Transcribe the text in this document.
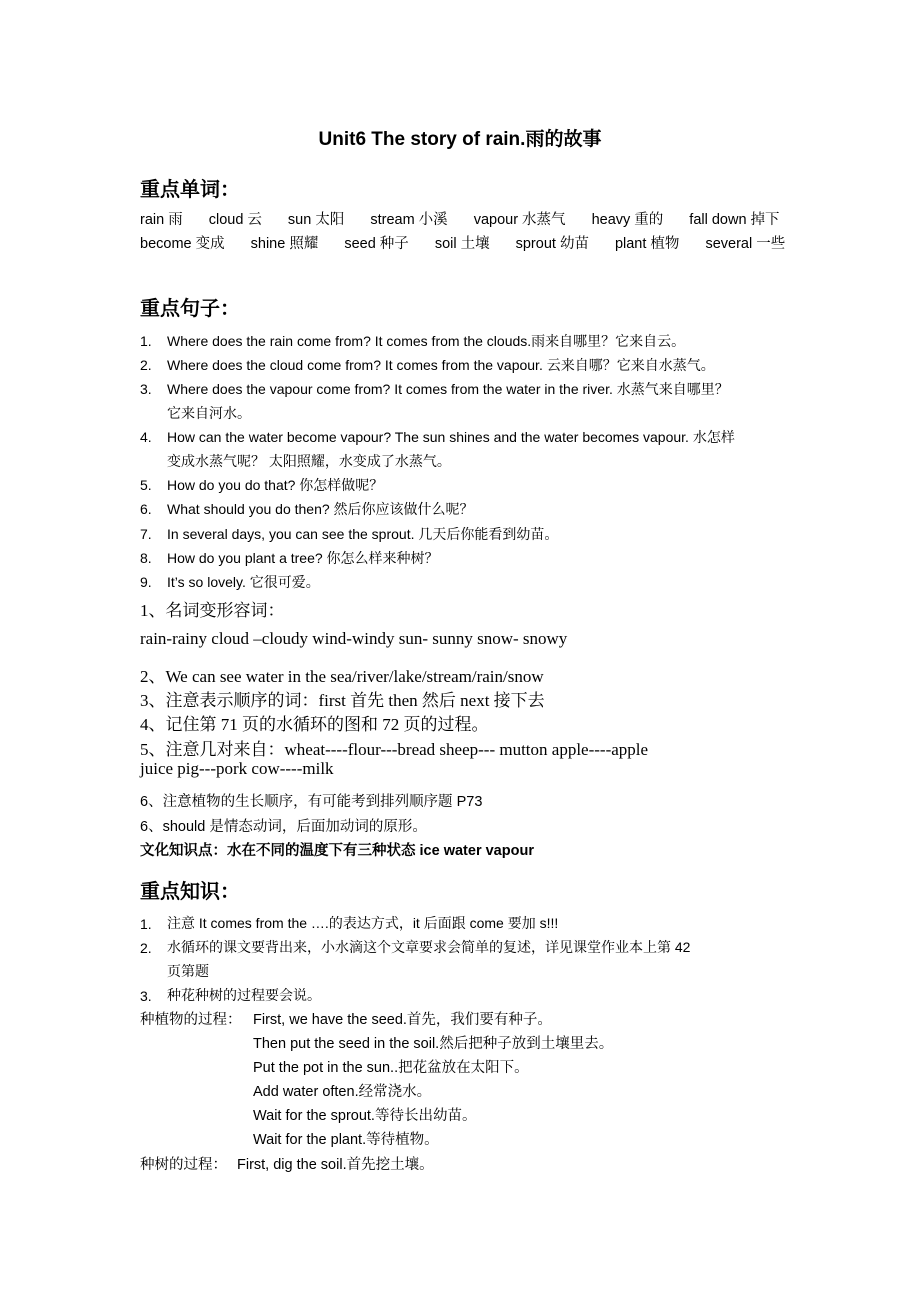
Unit6 The story of rain.雨的故事
重点单词：
rain 雨 cloud 云 sun 太阳 stream 小溪 vapour 水蒸气 heavy 重的 fall down 掉下become 变成 shine 照耀 seed 种子 soil 土壤 sprout 幼苗 plant 植物 several 一些
重点句子：
1. Where does the rain come from? It comes from the clouds.雨来自哪里？它来自云。
2. Where does the cloud come from? It comes from the vapour. 云来自哪？它来自水蒸气。
3. Where does the vapour come from? It comes from the water in the river. 水蒸气来自哪里？
它来自河水。
4. How can the water become vapour? The sun shines and the water becomes vapour. 水怎样
变成水蒸气呢？ 太阳照耀，水变成了水蒸气。
5. How do you do that? 你怎样做呢？
6. What should you do then? 然后你应该做什么呢？
7. In several days, you can see the sprout. 几天后你能看到幼苗。
8. How do you plant a tree? 你怎么样来种树？
9. It’s so lovely. 它很可爱。
1、名词变形容词：
rain-rainy cloud –cloudy wind-windy sun- sunny snow- snowy
2、We can see water in the sea/river/lake/stream/rain/snow
3、注意表示顺序的词：first 首先 then 然后 next 接下去
4、记住第 71 页的水循环的图和 72 页的过程。
5、注意几对来自：wheat----flour---bread sheep--- mutton apple----apple
juice pig---pork cow----milk
6、注意植物的生长顺序，有可能考到排列顺序题 P73
6、should 是情态动词，后面加动词的原形。
文化知识点：水在不同的温度下有三种状态 ice water vapour
重点知识：
1. 注意 It comes from the ….的表达方式，it 后面跟 come 要加 s!!!
2. 水循环的课文要背出来，小水滴这个文章要求会简单的复述，详见课堂作业本上第 42
页第题
3. 种花种树的过程要会说。
种植物的过程： First, we have the seed.首先，我们要有种子。
Then put the seed in the soil.然后把种子放到土壤里去。
Put the pot in the sun..把花盆放在太阳下。
Add water often.经常浇水。
Wait for the sprout.等待长出幼苗。
Wait for the plant.等待植物。
种树的过程： First, dig the soil.首先挖土壤。
